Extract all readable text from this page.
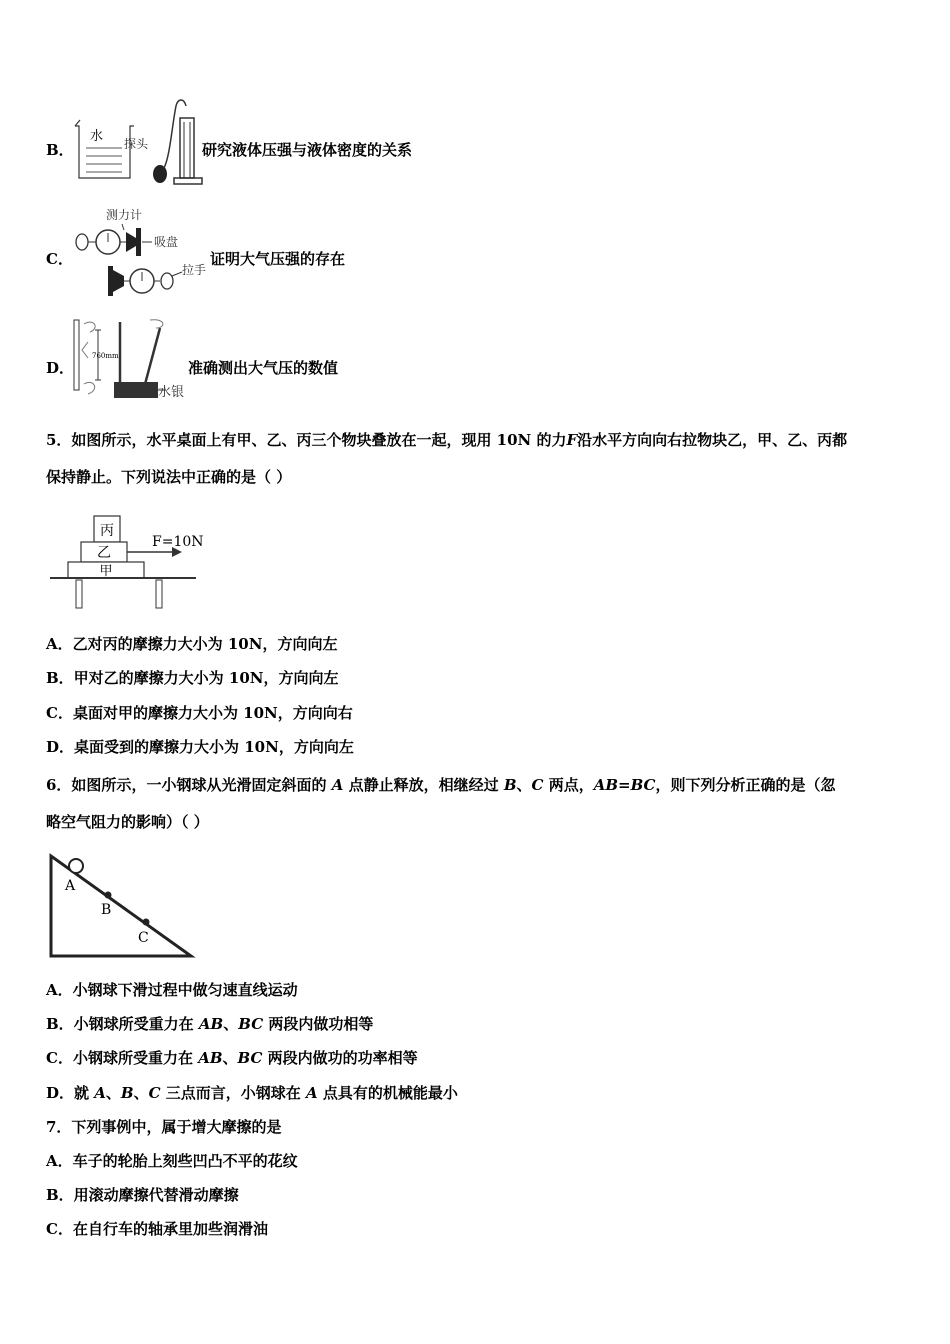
B．
水 探头	研究液体压强与液体密度的关系
C．
测力计
吸盘
拉手
证明大气压强的存在
D．
760mm
水银
准确测出大气压的数值
5．如图所示，水平桌面上有甲、乙、丙三个物块叠放在一起，现用 10N 的力F沿水平方向向右拉物块乙，甲、乙、丙都
保持静止。下列说法中正确的是（ ）
丙
乙
甲
F=10N
A．乙对丙的摩擦力大小为 10N，方向向左
B．甲对乙的摩擦力大小为 10N，方向向左
C．桌面对甲的摩擦力大小为 10N，方向向右
D．桌面受到的摩擦力大小为 10N，方向向左
6．如图所示，一小钢球从光滑固定斜面的 A 点静止释放，相继经过 B、C 两点，AB=BC，则下列分析正确的是（忽
略空气阻力的影响）（ ）
A
B
C
A．小钢球下滑过程中做匀速直线运动
B．小钢球所受重力在 AB、BC 两段内做功相等
C．小钢球所受重力在 AB、BC 两段内做功的功率相等
D．就 A、B、C 三点而言，小钢球在 A 点具有的机械能最小
7．下列事例中，属于增大摩擦的是
A．车子的轮胎上刻些凹凸不平的花纹
B．用滚动摩擦代替滑动摩擦
C．在自行车的轴承里加些润滑油
